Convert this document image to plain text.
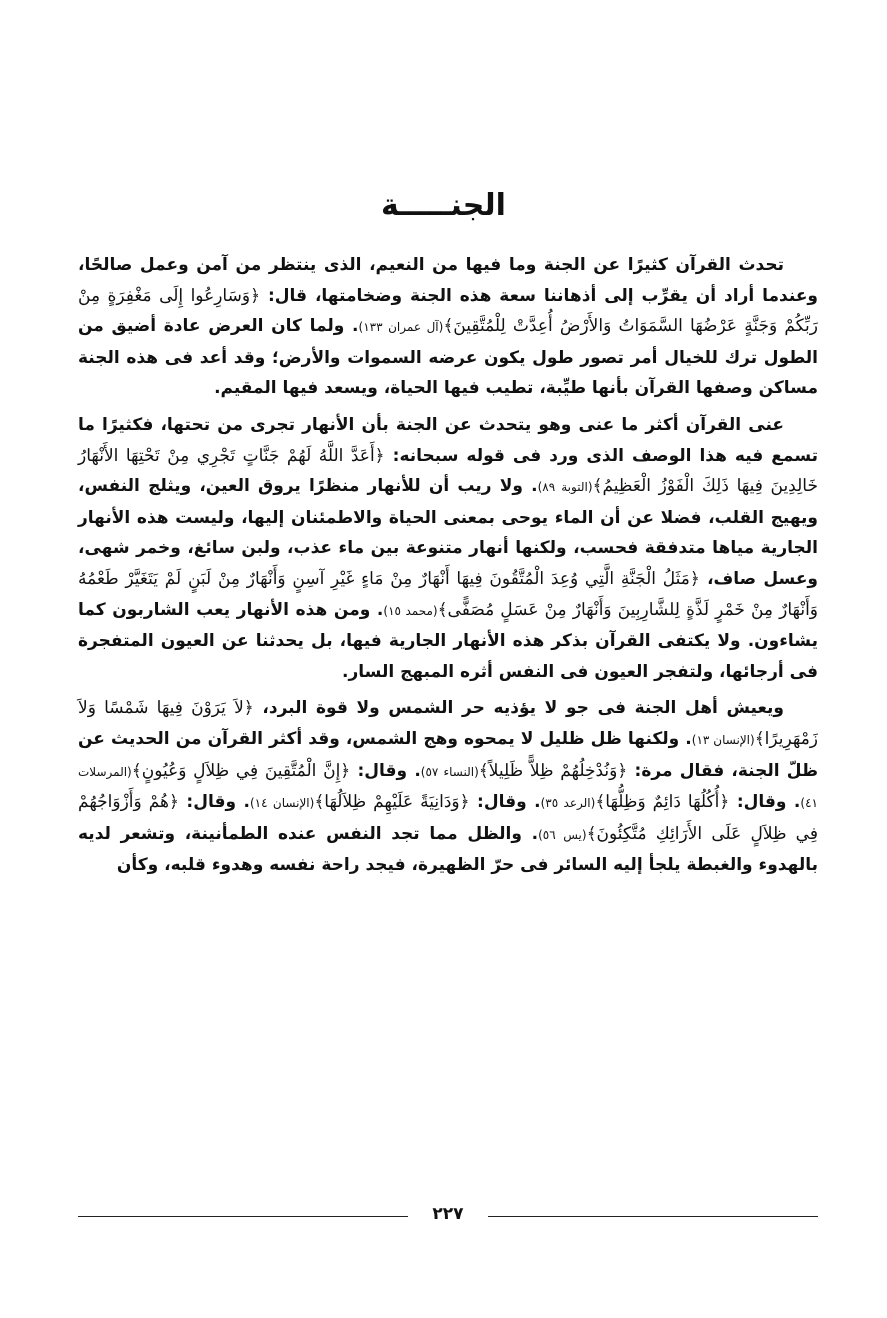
الجنـــــة

تحدث القرآن كثيرًا عن الجنة وما فيها من النعيم، الذى ينتظر من آمن وعمل صالحًا، وعندما أراد أن يقرِّب إلى أذهاننا سعة هذه الجنة وضخامتها، قال: ﴿وَسَارِعُوا إِلَى مَغْفِرَةٍ مِنْ رَبِّكُمْ وَجَنَّةٍ عَرْضُهَا السَّمَوَاتُ وَالأَرْضُ أُعِدَّتْ لِلْمُتَّقِينَ﴾(آل عمران ١٣٣). ولما كان العرض عادة أضيق من الطول ترك للخيال أمر تصور طول يكون عرضه السموات والأرض؛ وقد أعد فى هذه الجنة مساكن وصفها القرآن بأنها طيِّبة، تطيب فيها الحياة، ويسعد فيها المقيم.

عنى القرآن أكثر ما عنى وهو يتحدث عن الجنة بأن الأنهار تجرى من تحتها، فكثيرًا ما تسمع فيه هذا الوصف الذى ورد فى قوله سبحانه: ﴿أَعَدَّ اللَّهُ لَهُمْ جَنَّاتٍ تَجْرِي مِنْ تَحْتِهَا الأَنْهَارُ خَالِدِينَ فِيهَا ذَلِكَ الْفَوْزُ الْعَظِيمُ﴾(التوبة ٨٩). ولا ريب أن للأنهار منظرًا يروق العين، ويثلج النفس، ويهيج القلب، فضلا عن أن الماء يوحى بمعنى الحياة والاطمئنان إليها، وليست هذه الأنهار الجارية مياها متدفقة فحسب، ولكنها أنهار متنوعة بين ماء عذب، ولبن سائغ، وخمر شهى، وعسل صاف، ﴿مَثَلُ الْجَنَّةِ الَّتِي وُعِدَ الْمُتَّقُونَ فِيهَا أَنْهَارٌ مِنْ مَاءٍ غَيْرِ آسِنٍ وَأَنْهَارٌ مِنْ لَبَنٍ لَمْ يَتَغَيَّرْ طَعْمُهُ وَأَنْهَارٌ مِنْ خَمْرٍ لَذَّةٍ لِلشَّارِبِينَ وَأَنْهَارٌ مِنْ عَسَلٍ مُصَفًّى﴾(محمد ١٥). ومن هذه الأنهار يعب الشاربون كما يشاءون. ولا يكتفى القرآن بذكر هذه الأنهار الجارية فيها، بل يحدثنا عن العيون المتفجرة فى أرجائها، ولتفجر العيون فى النفس أثره المبهج السار.

ويعيش أهل الجنة فى جو لا يؤذيه حر الشمس ولا قوة البرد، ﴿لاَ يَرَوْنَ فِيهَا شَمْسًا وَلاَ زَمْهَرِيرًا﴾(الإنسان ١٣). ولكنها ظل ظليل لا يمحوه وهج الشمس، وقد أكثر القرآن من الحديث عن ظلّ الجنة، فقال مرة: ﴿وَنُدْخِلُهُمْ ظِلاًّ ظَلِيلاً﴾(النساء ٥٧). وقال: ﴿إِنَّ الْمُتَّقِينَ فِي ظِلاَلٍ وَعُيُونٍ﴾(المرسلات ٤١). وقال: ﴿أُكُلُهَا دَائِمٌ وَظِلُّهَا﴾(الرعد ٣٥). وقال: ﴿وَدَانِيَةً عَلَيْهِمْ ظِلاَلُهَا﴾(الإنسان ١٤). وقال: ﴿هُمْ وَأَزْوَاجُهُمْ فِي ظِلاَلٍ عَلَى الأَرَائِكِ مُتَّكِئُونَ﴾(يس ٥٦). والظل مما تجد النفس عنده الطمأنينة، وتشعر لديه بالهدوء والغبطة يلجأ إليه السائر فى حرّ الظهيرة، فيجد راحة نفسه وهدوء قلبه، وكأن

٢٢٧
